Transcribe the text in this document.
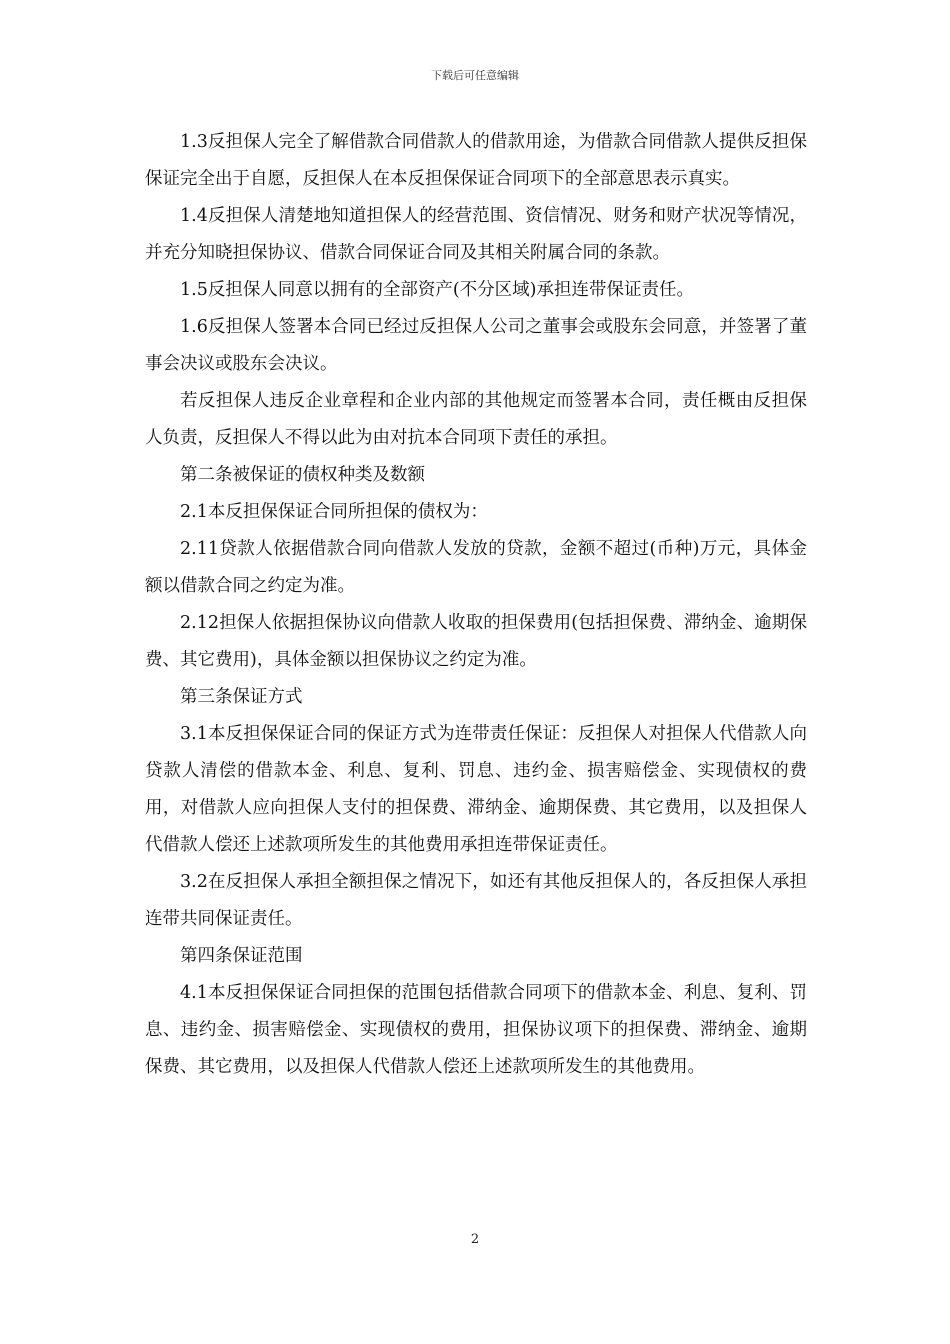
下载后可任意编辑

1.3反担保人完全了解借款合同借款人的借款用途，为借款合同借款人提供反担保保证完全出于自愿，反担保人在本反担保保证合同项下的全部意思表示真实。

1.4反担保人清楚地知道担保人的经营范围、资信情况、财务和财产状况等情况，并充分知晓担保协议、借款合同保证合同及其相关附属合同的条款。

1.5反担保人同意以拥有的全部资产(不分区域)承担连带保证责任。

1.6反担保人签署本合同已经过反担保人公司之董事会或股东会同意，并签署了董事会决议或股东会决议。

若反担保人违反企业章程和企业内部的其他规定而签署本合同，责任概由反担保人负责，反担保人不得以此为由对抗本合同项下责任的承担。

第二条被保证的债权种类及数额

2.1本反担保保证合同所担保的债权为：

2.11贷款人依据借款合同向借款人发放的贷款，金额不超过(币种)万元，具体金额以借款合同之约定为准。

2.12担保人依据担保协议向借款人收取的担保费用(包括担保费、滞纳金、逾期保费、其它费用)，具体金额以担保协议之约定为准。

第三条保证方式

3.1本反担保保证合同的保证方式为连带责任保证：反担保人对担保人代借款人向贷款人清偿的借款本金、利息、复利、罚息、违约金、损害赔偿金、实现债权的费用，对借款人应向担保人支付的担保费、滞纳金、逾期保费、其它费用，以及担保人代借款人偿还上述款项所发生的其他费用承担连带保证责任。

3.2在反担保人承担全额担保之情况下，如还有其他反担保人的，各反担保人承担连带共同保证责任。

第四条保证范围

4.1本反担保保证合同担保的范围包括借款合同项下的借款本金、利息、复利、罚息、违约金、损害赔偿金、实现债权的费用，担保协议项下的担保费、滞纳金、逾期保费、其它费用，以及担保人代借款人偿还上述款项所发生的其他费用。

2
